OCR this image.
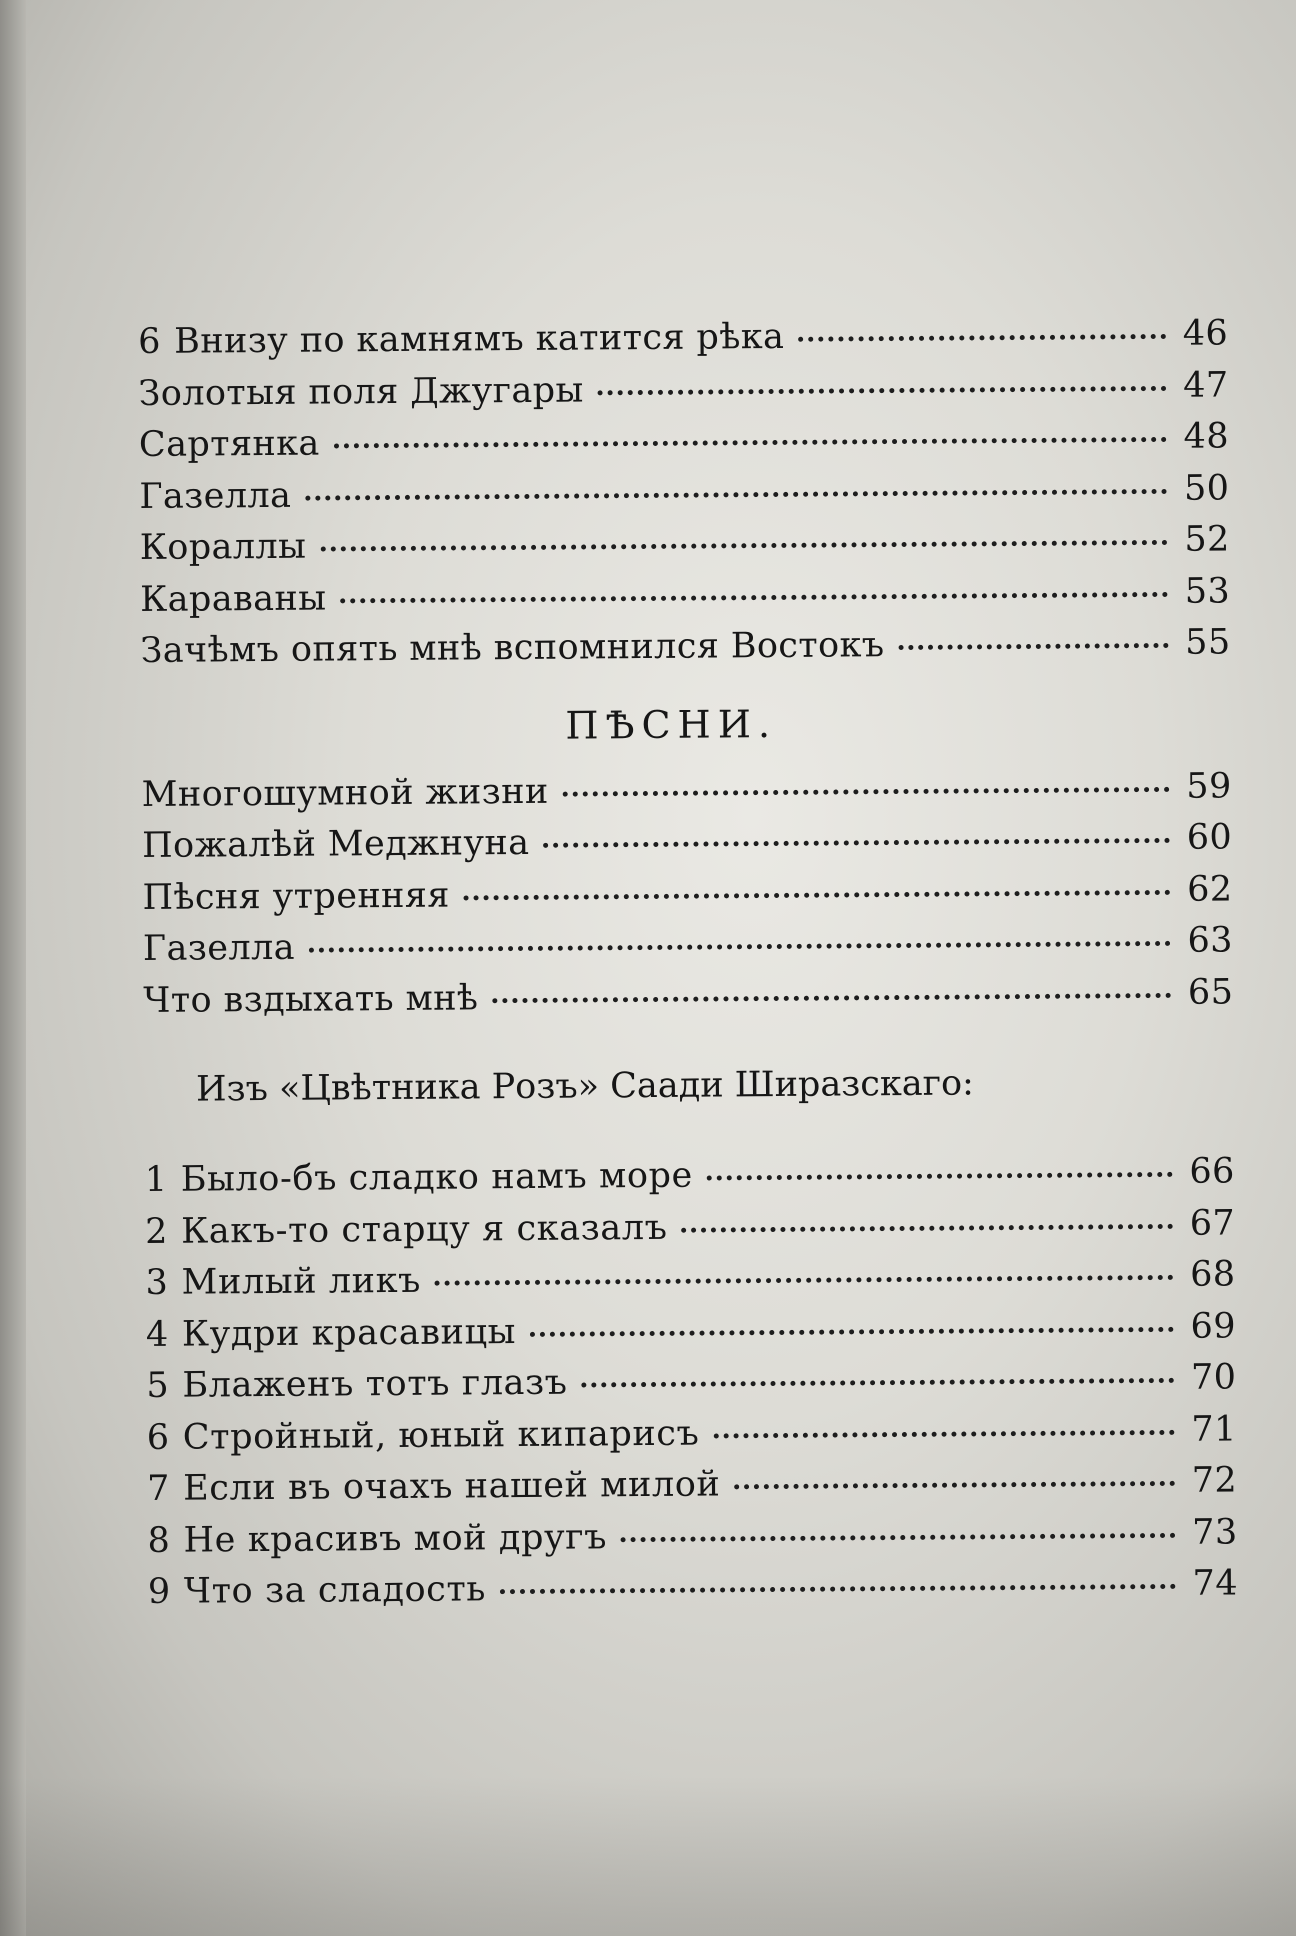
6 Внизу по камнямъ катится рѣка	46
Золотыя поля Джугары	47
Сартянка	48
Газелла	50
Кораллы	52
Караваны	53
Зачѣмъ опять мнѣ вспомнился Востокъ	55
ПѢСНИ.
Многошумной жизни	59
Пожалѣй Меджнуна	60
Пѣсня утренняя	62
Газелла	63
Что вздыхать мнѣ	65
Изъ «Цвѣтника Розъ» Саади Ширазскаго:
1 Было-бъ сладко намъ море	66
2 Какъ-то старцу я сказалъ	67
3 Милый ликъ	68
4 Кудри красавицы	69
5 Блаженъ тотъ глазъ	70
6 Стройный, юный кипарисъ	71
7 Если въ очахъ нашей милой	72
8 Не красивъ мой другъ	73
9 Что за сладость	74
